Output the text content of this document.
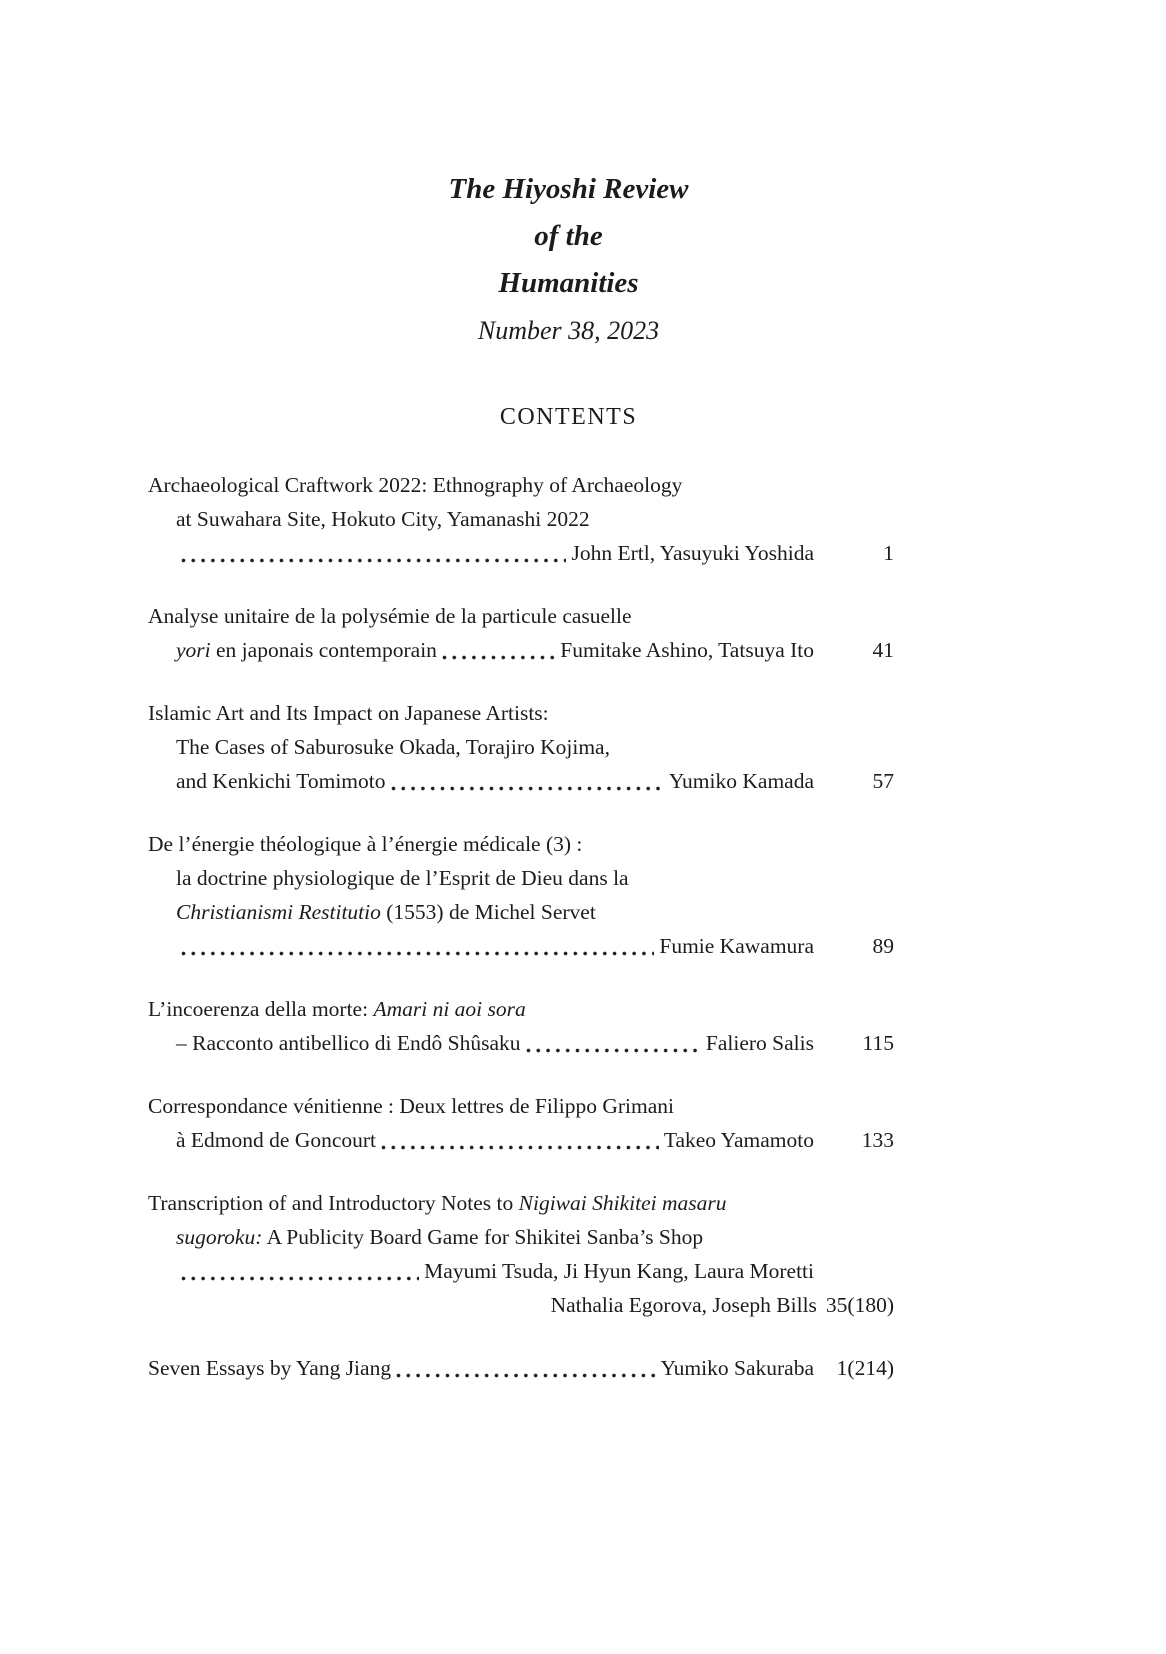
The Hiyoshi Review
of the
Humanities
Number 38, 2023
CONTENTS
Archaeological Craftwork 2022: Ethnography of Archaeology
at Suwahara Site, Hokuto City, Yamanashi 2022
John Ertl, Yasuyuki Yoshida	1
Analyse unitaire de la polysémie de la particule casuelle
yori en japonais contemporain	Fumitake Ashino, Tatsuya Ito	41
Islamic Art and Its Impact on Japanese Artists:
The Cases of Saburosuke Okada, Torajiro Kojima,
and Kenkichi Tomimoto	Yumiko Kamada	57
De l’énergie théologique à l’énergie médicale (3) :
la doctrine physiologique de l’Esprit de Dieu dans la
Christianismi Restitutio (1553) de Michel Servet
Fumie Kawamura	89
L’incoerenza della morte: Amari ni aoi sora
– Racconto antibellico di Endô Shûsaku	Faliero Salis	115
Correspondance vénitienne : Deux lettres de Filippo Grimani
à Edmond de Goncourt	Takeo Yamamoto	133
Transcription of and Introductory Notes to Nigiwai Shikitei masaru
sugoroku: A Publicity Board Game for Shikitei Sanba’s Shop
Mayumi Tsuda, Ji Hyun Kang, Laura Moretti
Nathalia Egorova, Joseph Bills 35(180)
Seven Essays by Yang Jiang	Yumiko Sakuraba	1(214)
